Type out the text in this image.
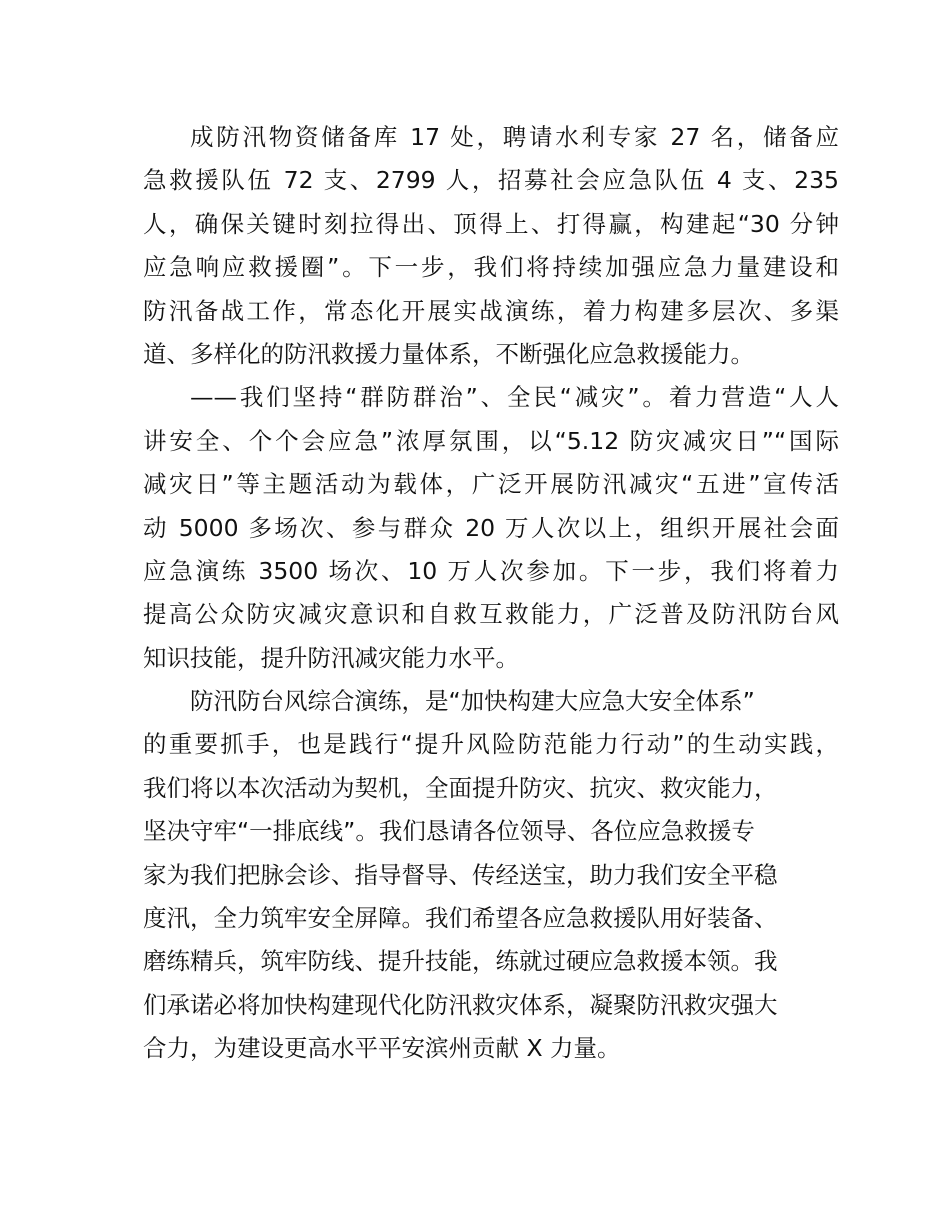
成防汛物资储备库 17 处，聘请水利专家 27 名，储备应
急救援队伍 72 支、2799 人，招募社会应急队伍 4 支、235
人，确保关键时刻拉得出、顶得上、打得赢，构建起“30 分钟
应急响应救援圈”。下一步，我们将持续加强应急力量建设和
防汛备战工作，常态化开展实战演练，着力构建多层次、多渠
道、多样化的防汛救援力量体系，不断强化应急救援能力。
——我们坚持“群防群治”、全民“减灾”。着力营造“人人
讲安全、个个会应急”浓厚氛围，以“5.12 防灾减灾日”“国际
减灾日”等主题活动为载体，广泛开展防汛减灾“五进”宣传活
动 5000 多场次、参与群众 20 万人次以上，组织开展社会面
应急演练 3500 场次、10 万人次参加。下一步，我们将着力
提高公众防灾减灾意识和自救互救能力，广泛普及防汛防台风
知识技能，提升防汛减灾能力水平。
防汛防台风综合演练，是“加快构建大应急大安全体系”
的重要抓手，也是践行“提升风险防范能力行动”的生动实践，
我们将以本次活动为契机，全面提升防灾、抗灾、救灾能力，
坚决守牢“一排底线”。我们恳请各位领导、各位应急救援专
家为我们把脉会诊、指导督导、传经送宝，助力我们安全平稳
度汛，全力筑牢安全屏障。我们希望各应急救援队用好装备、
磨练精兵，筑牢防线、提升技能，练就过硬应急救援本领。我
们承诺必将加快构建现代化防汛救灾体系，凝聚防汛救灾强大
合力，为建设更高水平平安滨州贡献 X 力量。
